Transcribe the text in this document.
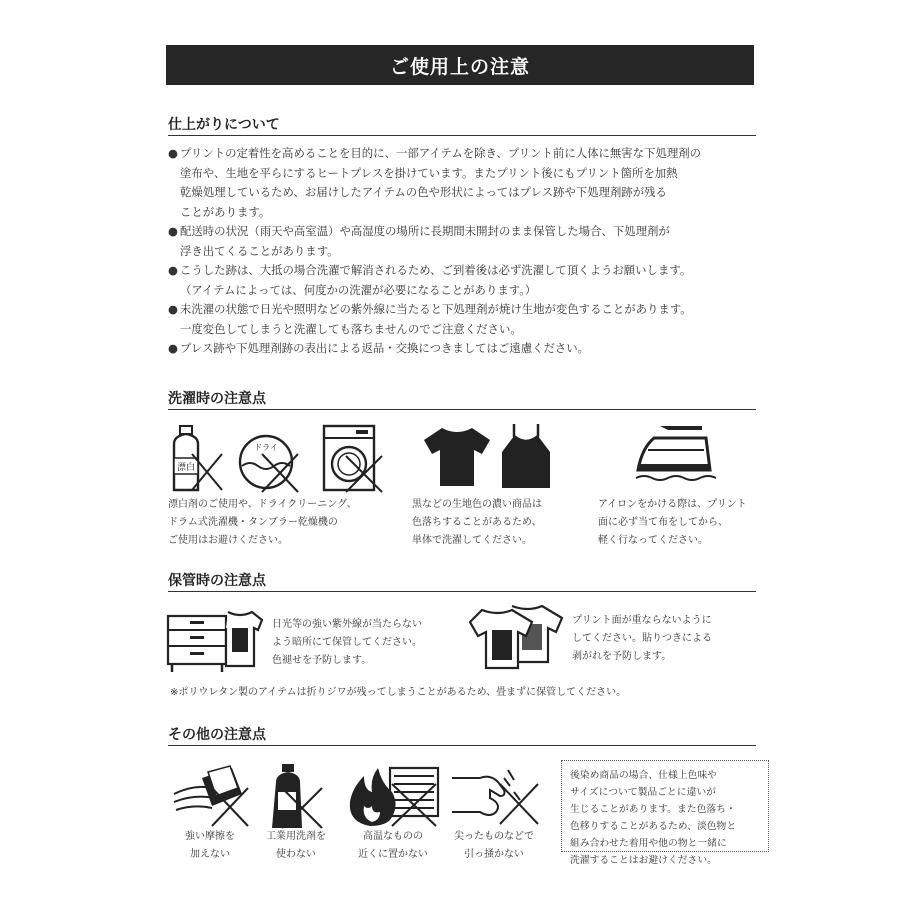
ご使用上の注意
仕上がりについて

● プリントの定着性を高めることを目的に、一部アイテムを除き、プリント前に人体に無害な下処理剤の

塗布や、生地を平らにするヒートプレスを掛けています。またプリント後にもプリント箇所を加熱

乾燥処理しているため、お届けしたアイテムの色や形状によってはプレス跡や下処理剤跡が残る

ことがあります。

● 配送時の状況（雨天や高室温）や高湿度の場所に長期間未開封のまま保管した場合、下処理剤が

浮き出てくることがあります。

● こうした跡は、大抵の場合洗濯で解消されるため、ご到着後は必ず洗濯して頂くようお願いします。

（アイテムによっては、何度かの洗濯が必要になることがあります。）

● 未洗濯の状態で日光や照明などの紫外線に当たると下処理剤が焼け生地が変色することがあります。

一度変色してしまうと洗濯しても落ちませんのでご注意ください。

● プレス跡や下処理剤跡の表出による返品・交換につきましてはご遠慮ください。

洗濯時の注意点
漂白
ドライ

漂白剤のご使用や、ドライクリーニング、

ドラム式洗濯機・タンブラー乾燥機の

ご使用はお避けください。

黒などの生地色の濃い商品は

色落ちすることがあるため、

単体で洗濯してください。

アイロンをかける際は、プリント

面に必ず当て布をしてから、

軽く行なってください。

保管時の注意点

日光等の強い紫外線が当たらない

よう暗所にて保管してください。

色褪せを予防します。

プリント面が重ならないように

してください。貼りつきによる

剥がれを予防します。

※ポリウレタン製のアイテムは折りジワが残ってしまうことがあるため、畳まずに保管してください。
その他の注意点

強い摩擦を

加えない

工業用洗剤を

使わない

高温なものの

近くに置かない

尖ったものなどで

引っ掻かない

後染め商品の場合、仕様上色味や

サイズについて製品ごとに違いが

生じることがあります。また色落ち・

色移りすることがあるため、淡色物と

組み合わせた着用や他の物と一緒に

洗濯することはお避けください。
